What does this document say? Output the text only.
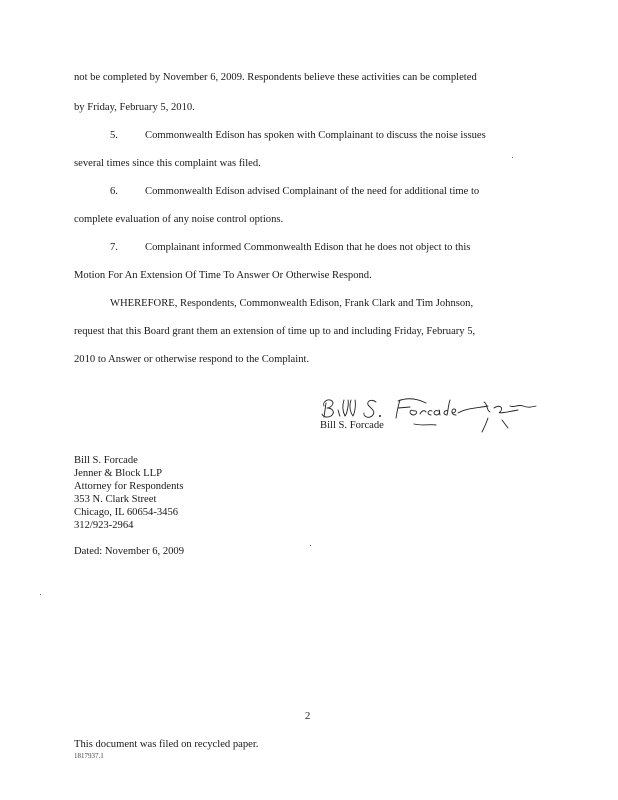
not be completed by November 6, 2009. Respondents believe these activities can be completed
by Friday, February 5, 2010.
5.	Commonwealth Edison has spoken with Complainant to discuss the noise issues
several times since this complaint was filed.
6.	Commonwealth Edison advised Complainant of the need for additional time to
complete evaluation of any noise control options.
7.	Complainant informed Commonwealth Edison that he does not object to this
Motion For An Extension Of Time To Answer Or Otherwise Respond.
WHEREFORE, Respondents, Commonwealth Edison, Frank Clark and Tim Johnson,
request that this Board grant them an extension of time up to and including Friday, February 5,
2010 to Answer or otherwise respond to the Complaint.
Bill S. Forcade
Bill S. Forcade
Jenner & Block LLP
Attorney for Respondents
353 N. Clark Street
Chicago, IL 60654-3456
312/923-2964
Dated: November 6, 2009
2
This document was filed on recycled paper.
1817937.1
